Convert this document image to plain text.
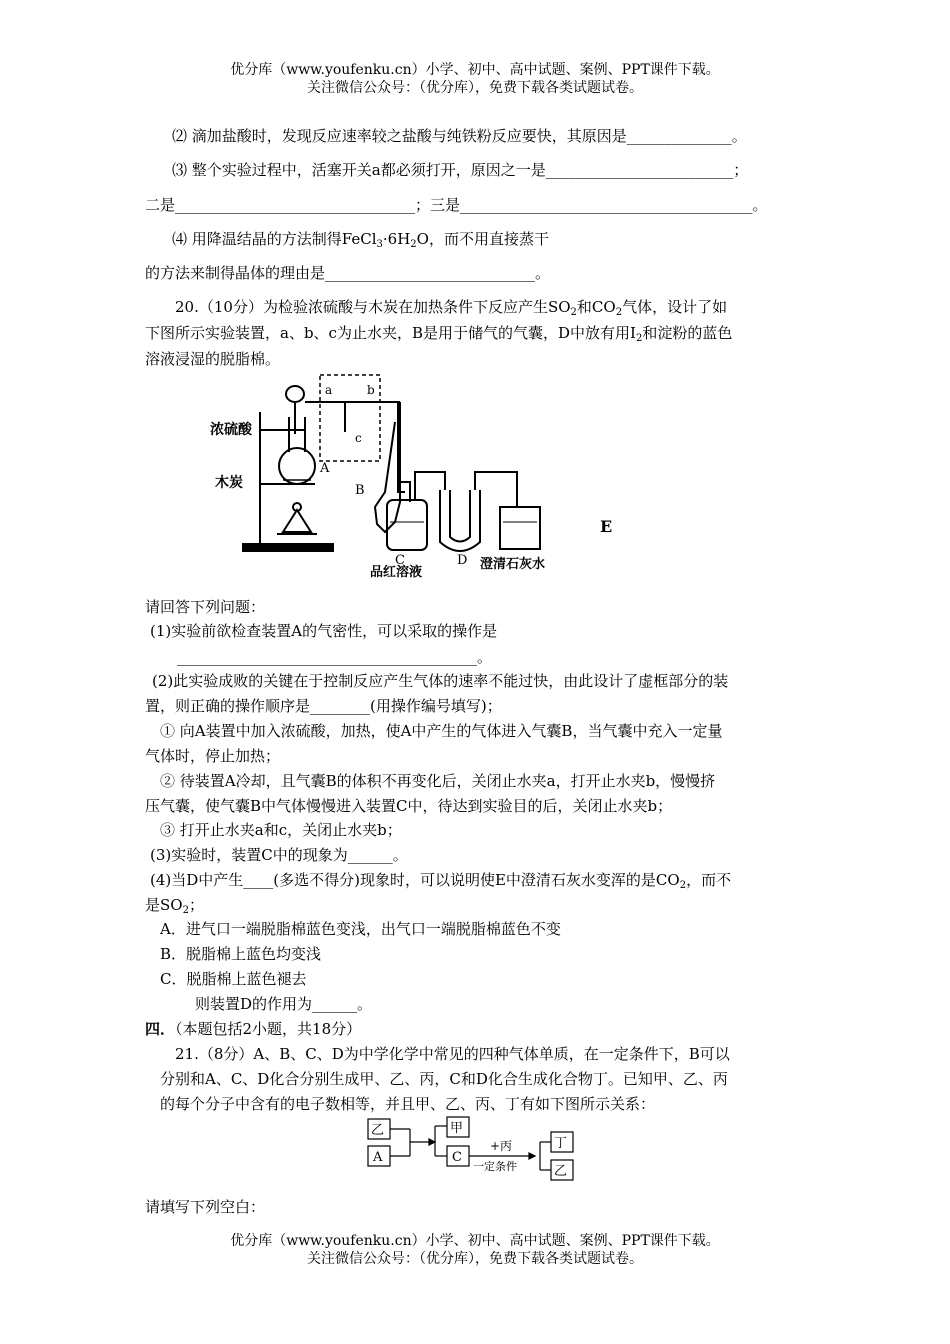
优分库（www.youfenku.cn）小学、初中、高中试题、案例、PPT课件下载。
关注微信公众号：（优分库），免费下载各类试题试卷。
⑵ 滴加盐酸时，发现反应速率较之盐酸与纯铁粉反应要快，其原因是______________。
⑶ 整个实验过程中，活塞开关a都必须打开，原因之一是_________________________；
二是________________________________；三是_______________________________________。
⑷ 用降温结晶的方法制得$FeCl_3\cdot 6H_2O$，而不用直接蒸干
的方法来制得晶体的理由是____________________________。
20.（10分）为检验浓硫酸与木炭在加热条件下反应产生$SO_2$和$CO_2$气体，设计了如
下图所示实验装置，a、b、c为止水夹，B是用于储气的气囊，D中放有用$I_2$和淀粉的蓝色
溶液浸湿的脱脂棉。
浓硫酸
木炭
a	b
c
A
B
C	D
E
品红溶液
澄清石灰水
请回答下列问题：
(1)实验前欲检查装置A的气密性，可以采取的操作是
________________________________________。
(2)此实验成败的关键在于控制反应产生气体的速率不能过快，由此设计了虚框部分的装
置，则正确的操作顺序是________(用操作编号填写)；
① 向A装置中加入浓硫酸，加热，使A中产生的气体进入气囊B，当气囊中充入一定量
气体时，停止加热；
② 待装置A冷却，且气囊B的体积不再变化后，关闭止水夹a，打开止水夹b，慢慢挤
压气囊，使气囊B中气体慢慢进入装置C中，待达到实验目的后，关闭止水夹b；
③ 打开止水夹a和c，关闭止水夹b；
(3)实验时，装置C中的现象为______。
(4)当D中产生____(多选不得分)现象时，可以说明使E中澄清石灰水变浑的是$CO_2$，而不
是$SO_2$；
A．进气口一端脱脂棉蓝色变浅，出气口一端脱脂棉蓝色不变
B．脱脂棉上蓝色均变浅
C．脱脂棉上蓝色褪去
则装置D的作用为______。
四．（本题包括2小题，共18分）
21.（8分）A、B、C、D为中学化学中常见的四种气体单质，在一定条件下，B可以
分别和A、C、D化合分别生成甲、乙、丙，C和D化合生成化合物丁。已知甲、乙、丙
的每个分子中含有的电子数相等，并且甲、乙、丙、丁有如下图所示关系：
乙
A
甲
C
+丙
一定条件
丁
乙
请填写下列空白：
优分库（www.youfenku.cn）小学、初中、高中试题、案例、PPT课件下载。
关注微信公众号：（优分库），免费下载各类试题试卷。
